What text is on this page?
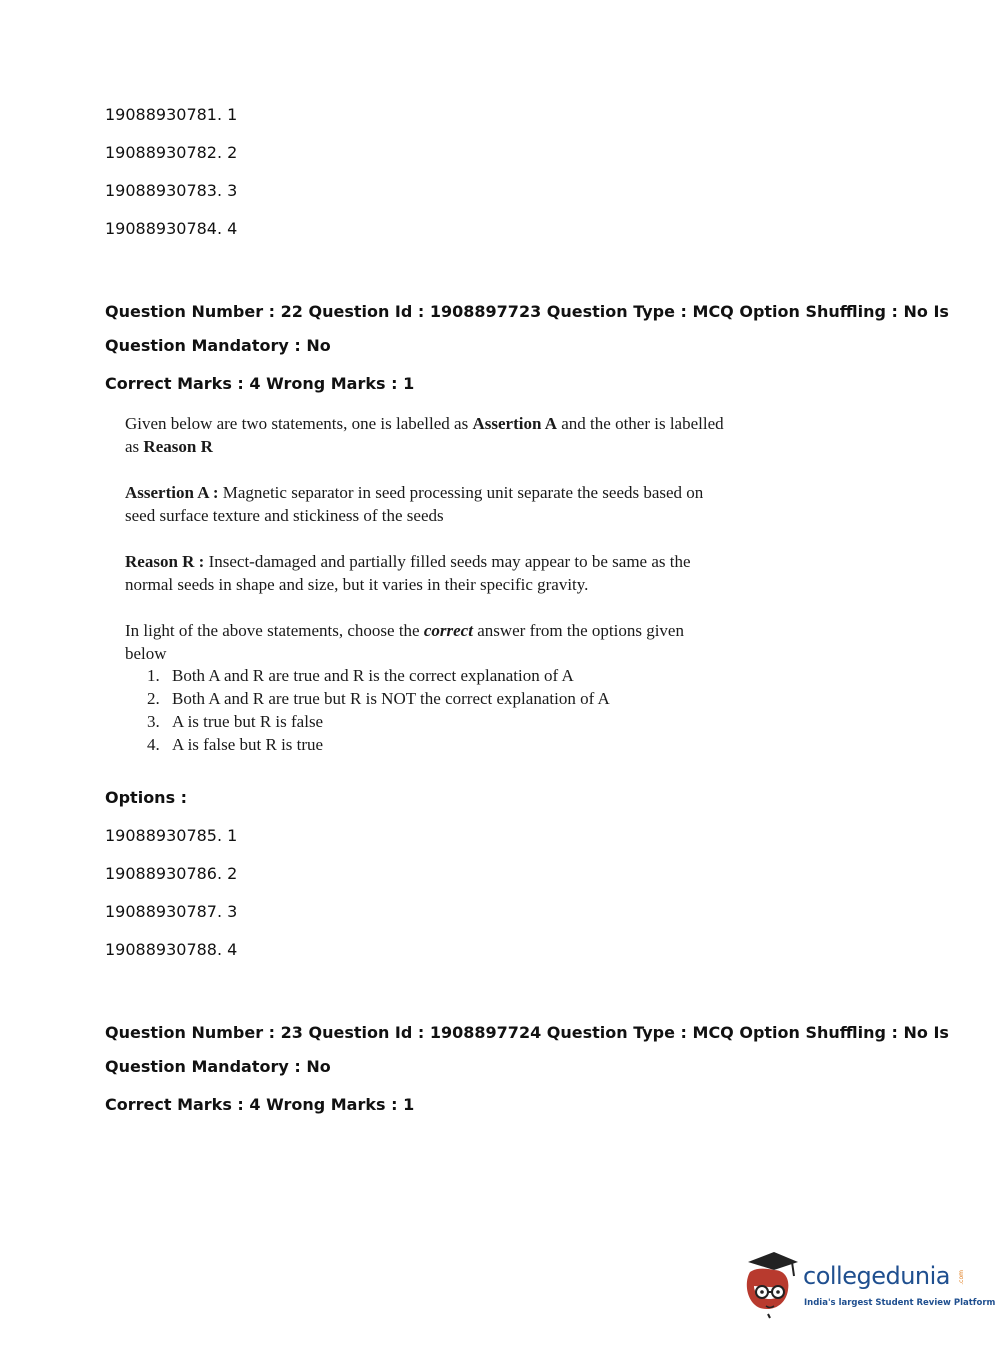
19088930781. 1
19088930782. 2
19088930783. 3
19088930784. 4
Question Number : 22 Question Id : 1908897723 Question Type : MCQ Option Shuffling : No Is
Question Mandatory : No
Correct Marks : 4 Wrong Marks : 1

Given below are two statements, one is labelled as Assertion A and the other is labelled as Reason R

Assertion A : Magnetic separator in seed processing unit separate the seeds based on seed surface texture and stickiness of the seeds

Reason R : Insect-damaged and partially filled seeds may appear to be same as the normal seeds in shape and size, but it varies in their specific gravity.

In light of the above statements, choose the correct answer from the options given below

1. Both A and R are true and R is the correct explanation of A
2. Both A and R are true but R is NOT the correct explanation of A
3. A is true but R is false
4. A is false but R is true
Options :
19088930785. 1
19088930786. 2
19088930787. 3
19088930788. 4
Question Number : 23 Question Id : 1908897724 Question Type : MCQ Option Shuffling : No Is
Question Mandatory : No
Correct Marks : 4 Wrong Marks : 1
collegedunia .com
India's largest Student Review Platform
